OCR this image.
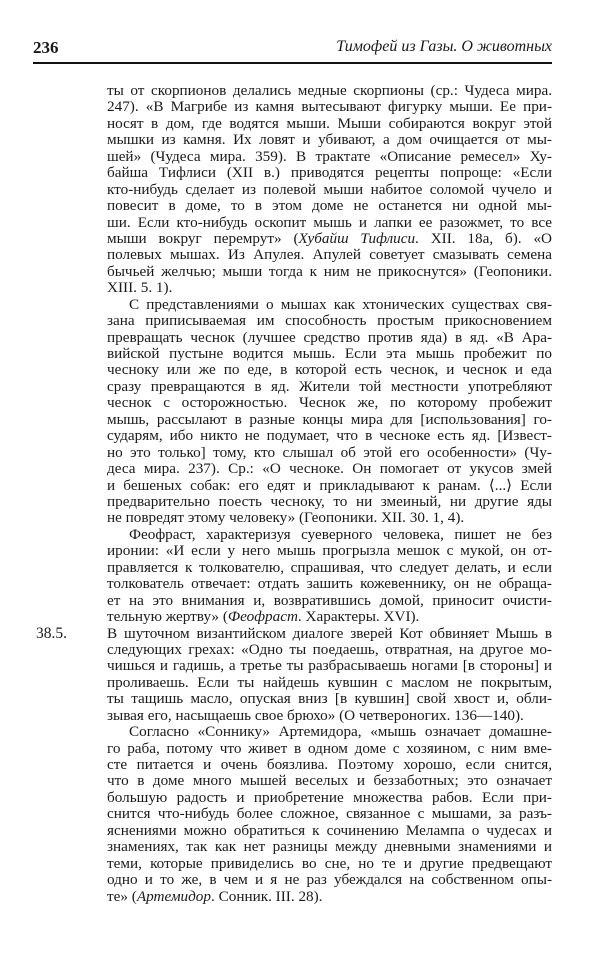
236	Тимофей из Газы. О животных
ты от скорпионов делались медные скорпионы (ср.: Чудеса мира.
247). «В Магрибе из камня вытесывают фигурку мыши. Ее при-
носят в дом, где водятся мыши. Мыши собираются вокруг этой
мышки из камня. Их ловят и убивают, а дом очищается от мы-
шей» (Чудеса мира. 359). В трактате «Описание ремесел» Ху-
байша Тифлиси (XII в.) приводятся рецепты попроще: «Если
кто-нибудь сделает из полевой мыши набитое соломой чучело и
повесит в доме, то в этом доме не останется ни одной мы-
ши. Если кто-нибудь оскопит мышь и лапки ее разожмет, то все
мыши вокруг перемрут» (Хубайш Тифлиси. XII. 18а, б). «О
полевых мышах. Из Апулея. Апулей советует смазывать семена
бычьей желчью; мыши тогда к ним не прикоснутся» (Геопоники.
XIII. 5. 1).
С представлениями о мышах как хтонических существах свя-
зана приписываемая им способность простым прикосновением
превращать чеснок (лучшее средство против яда) в яд. «В Ара-
вийской пустыне водится мышь. Если эта мышь пробежит по
чесноку или же по еде, в которой есть чеснок, и чеснок и еда
сразу превращаются в яд. Жители той местности употребляют
чеснок с осторожностью. Чеснок же, по которому пробежит
мышь, рассылают в разные концы мира для [использования] го-
сударям, ибо никто не подумает, что в чесноке есть яд. [Извест-
но это только] тому, кто слышал об этой его особенности» (Чу-
деса мира. 237). Ср.: «О чесноке. Он помогает от укусов змей
и бешеных собак: его едят и прикладывают к ранам. ⟨...⟩ Если
предварительно поесть чесноку, то ни змеиный, ни другие яды
не повредят этому человеку» (Геопоники. XII. 30. 1, 4).
Феофраст, характеризуя суеверного человека, пишет не без
иронии: «И если у него мышь прогрызла мешок с мукой, он от-
правляется к толкователю, спрашивая, что следует делать, и если
толкователь отвечает: отдать зашить кожевеннику, он не обраща-
ет на это внимания и, возвратившись домой, приносит очисти-
тельную жертву» (Феофраст. Характеры. XVI).
38.5.	В шуточном византийском диалоге зверей Кот обвиняет Мышь в
следующих грехах: «Одно ты поедаешь, отвратная, на другое мо-
чишься и гадишь, а третье ты разбрасываешь ногами [в стороны] и
проливаешь. Если ты найдешь кувшин с маслом не покрытым,
ты тащишь масло, опуская вниз [в кувшин] свой хвост и, обли-
зывая его, насыщаешь свое брюхо» (О четвероногих. 136—140).
Согласно «Соннику» Артемидора, «мышь означает домашне-
го раба, потому что живет в одном доме с хозяином, с ним вме-
сте питается и очень боязлива. Поэтому хорошо, если снится,
что в доме много мышей веселых и беззаботных; это означает
большую радость и приобретение множества рабов. Если при-
снится что-нибудь более сложное, связанное с мышами, за разъ-
яснениями можно обратиться к сочинению Мелампа о чудесах и
знамениях, так как нет разницы между дневными знамениями и
теми, которые привиделись во сне, но те и другие предвещают
одно и то же, в чем и я не раз убеждался на собственном опы-
те» (Артемидор. Сонник. III. 28).
